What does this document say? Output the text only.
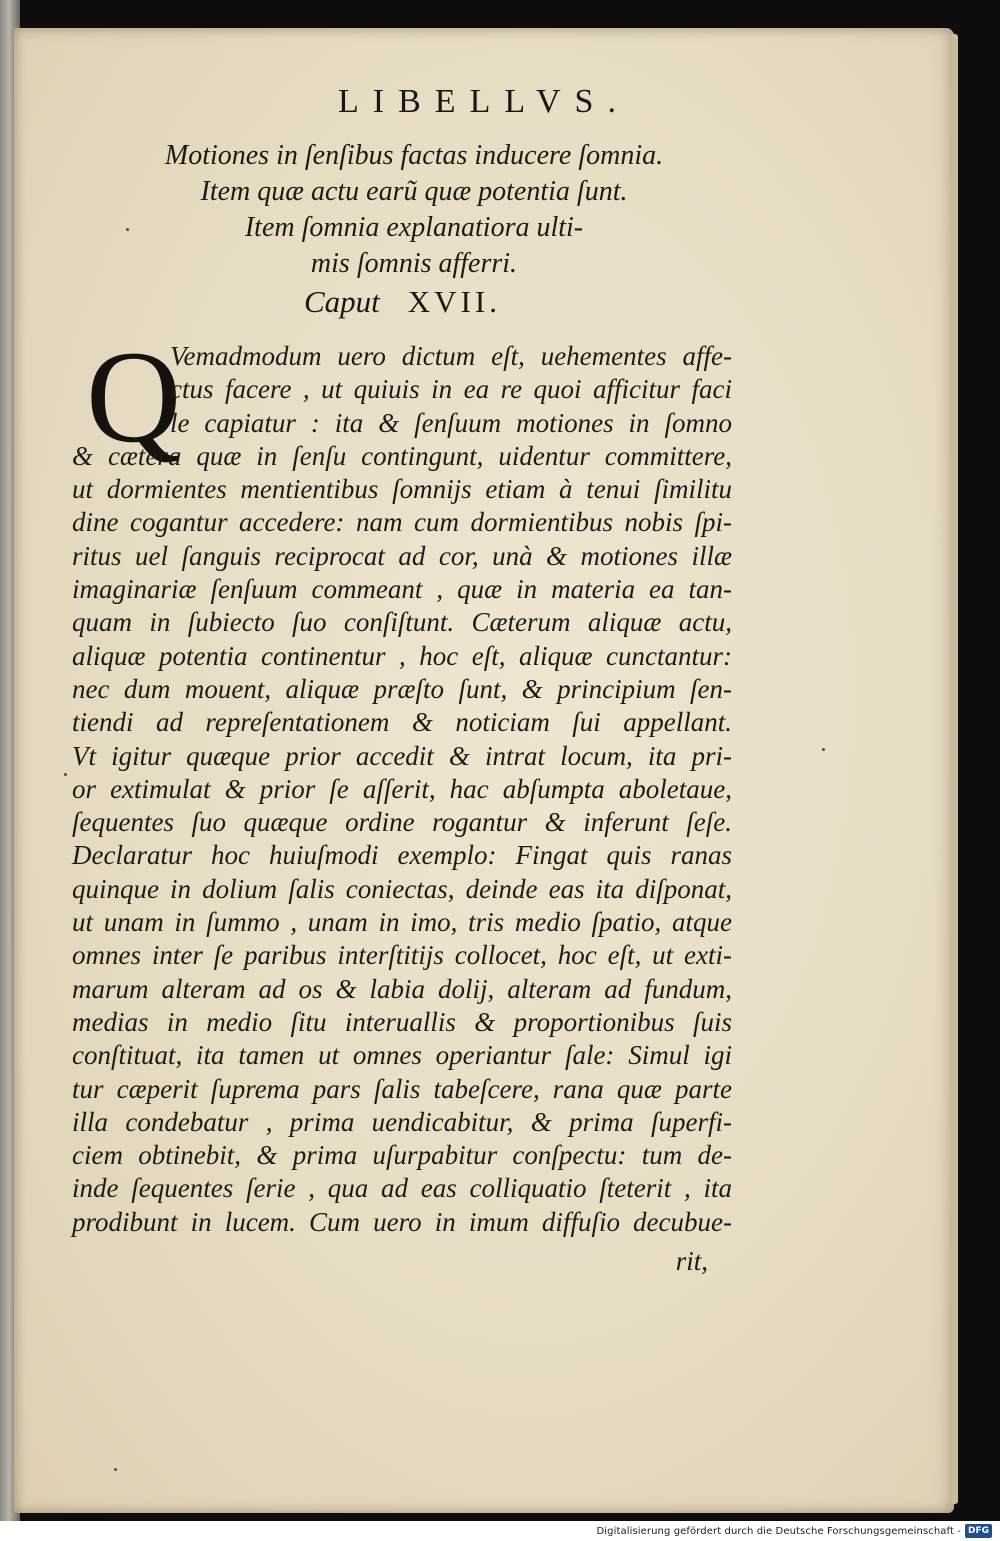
LIBELLVS.
Motiones in ſenſibus factas inducere ſomnia.
Item quæ actu earũ quæ potentia ſunt.
Item ſomnia explanatiora ulti-
mis ſomnis afferri.
Caput XVII.
Q
Vemadmodum uero dictum eſt, uehementes affe-
ctus facere , ut quiuis in ea re quoi afficitur faci
le capiatur : ita & ſenſuum motiones in ſomno
& cætera quæ in ſenſu contingunt, uidentur committere,
ut dormientes mentientibus ſomnijs etiam à tenui ſimilitu
dine cogantur accedere: nam cum dormientibus nobis ſpi-
ritus uel ſanguis reciprocat ad cor, unà & motiones illæ
imaginariæ ſenſuum commeant , quæ in materia ea tan-
quam in ſubiecto ſuo conſiſtunt. Cæterum aliquæ actu,
aliquæ potentia continentur , hoc eſt, aliquæ cunctantur:
nec dum mouent, aliquæ præſto ſunt, & principium ſen-
tiendi ad repreſentationem & noticiam ſui appellant.
Vt igitur quæque prior accedit & intrat locum, ita pri-
or extimulat & prior ſe aſſerit, hac abſumpta aboletaue,
ſequentes ſuo quæque ordine rogantur & inferunt ſeſe.
Declaratur hoc huiuſmodi exemplo: Fingat quis ranas
quinque in dolium ſalis coniectas, deinde eas ita diſponat,
ut unam in ſummo , unam in imo, tris medio ſpatio, atque
omnes inter ſe paribus interſtitijs collocet, hoc eſt, ut exti-
marum alteram ad os & labia dolij, alteram ad fundum,
medias in medio ſitu interuallis & proportionibus ſuis
conſtituat, ita tamen ut omnes operiantur ſale: Simul igi
tur cæperit ſuprema pars ſalis tabeſcere, rana quæ parte
illa condebatur , prima uendicabitur, & prima ſuperfi-
ciem obtinebit, & prima uſurpabitur conſpectu: tum de-
inde ſequentes ſerie , qua ad eas colliquatio ſteterit , ita
prodibunt in lucem. Cum uero in imum diffuſio decubue-
rit,
Digitalisierung gefördert durch die Deutsche Forschungsgemeinschaft - DFG
